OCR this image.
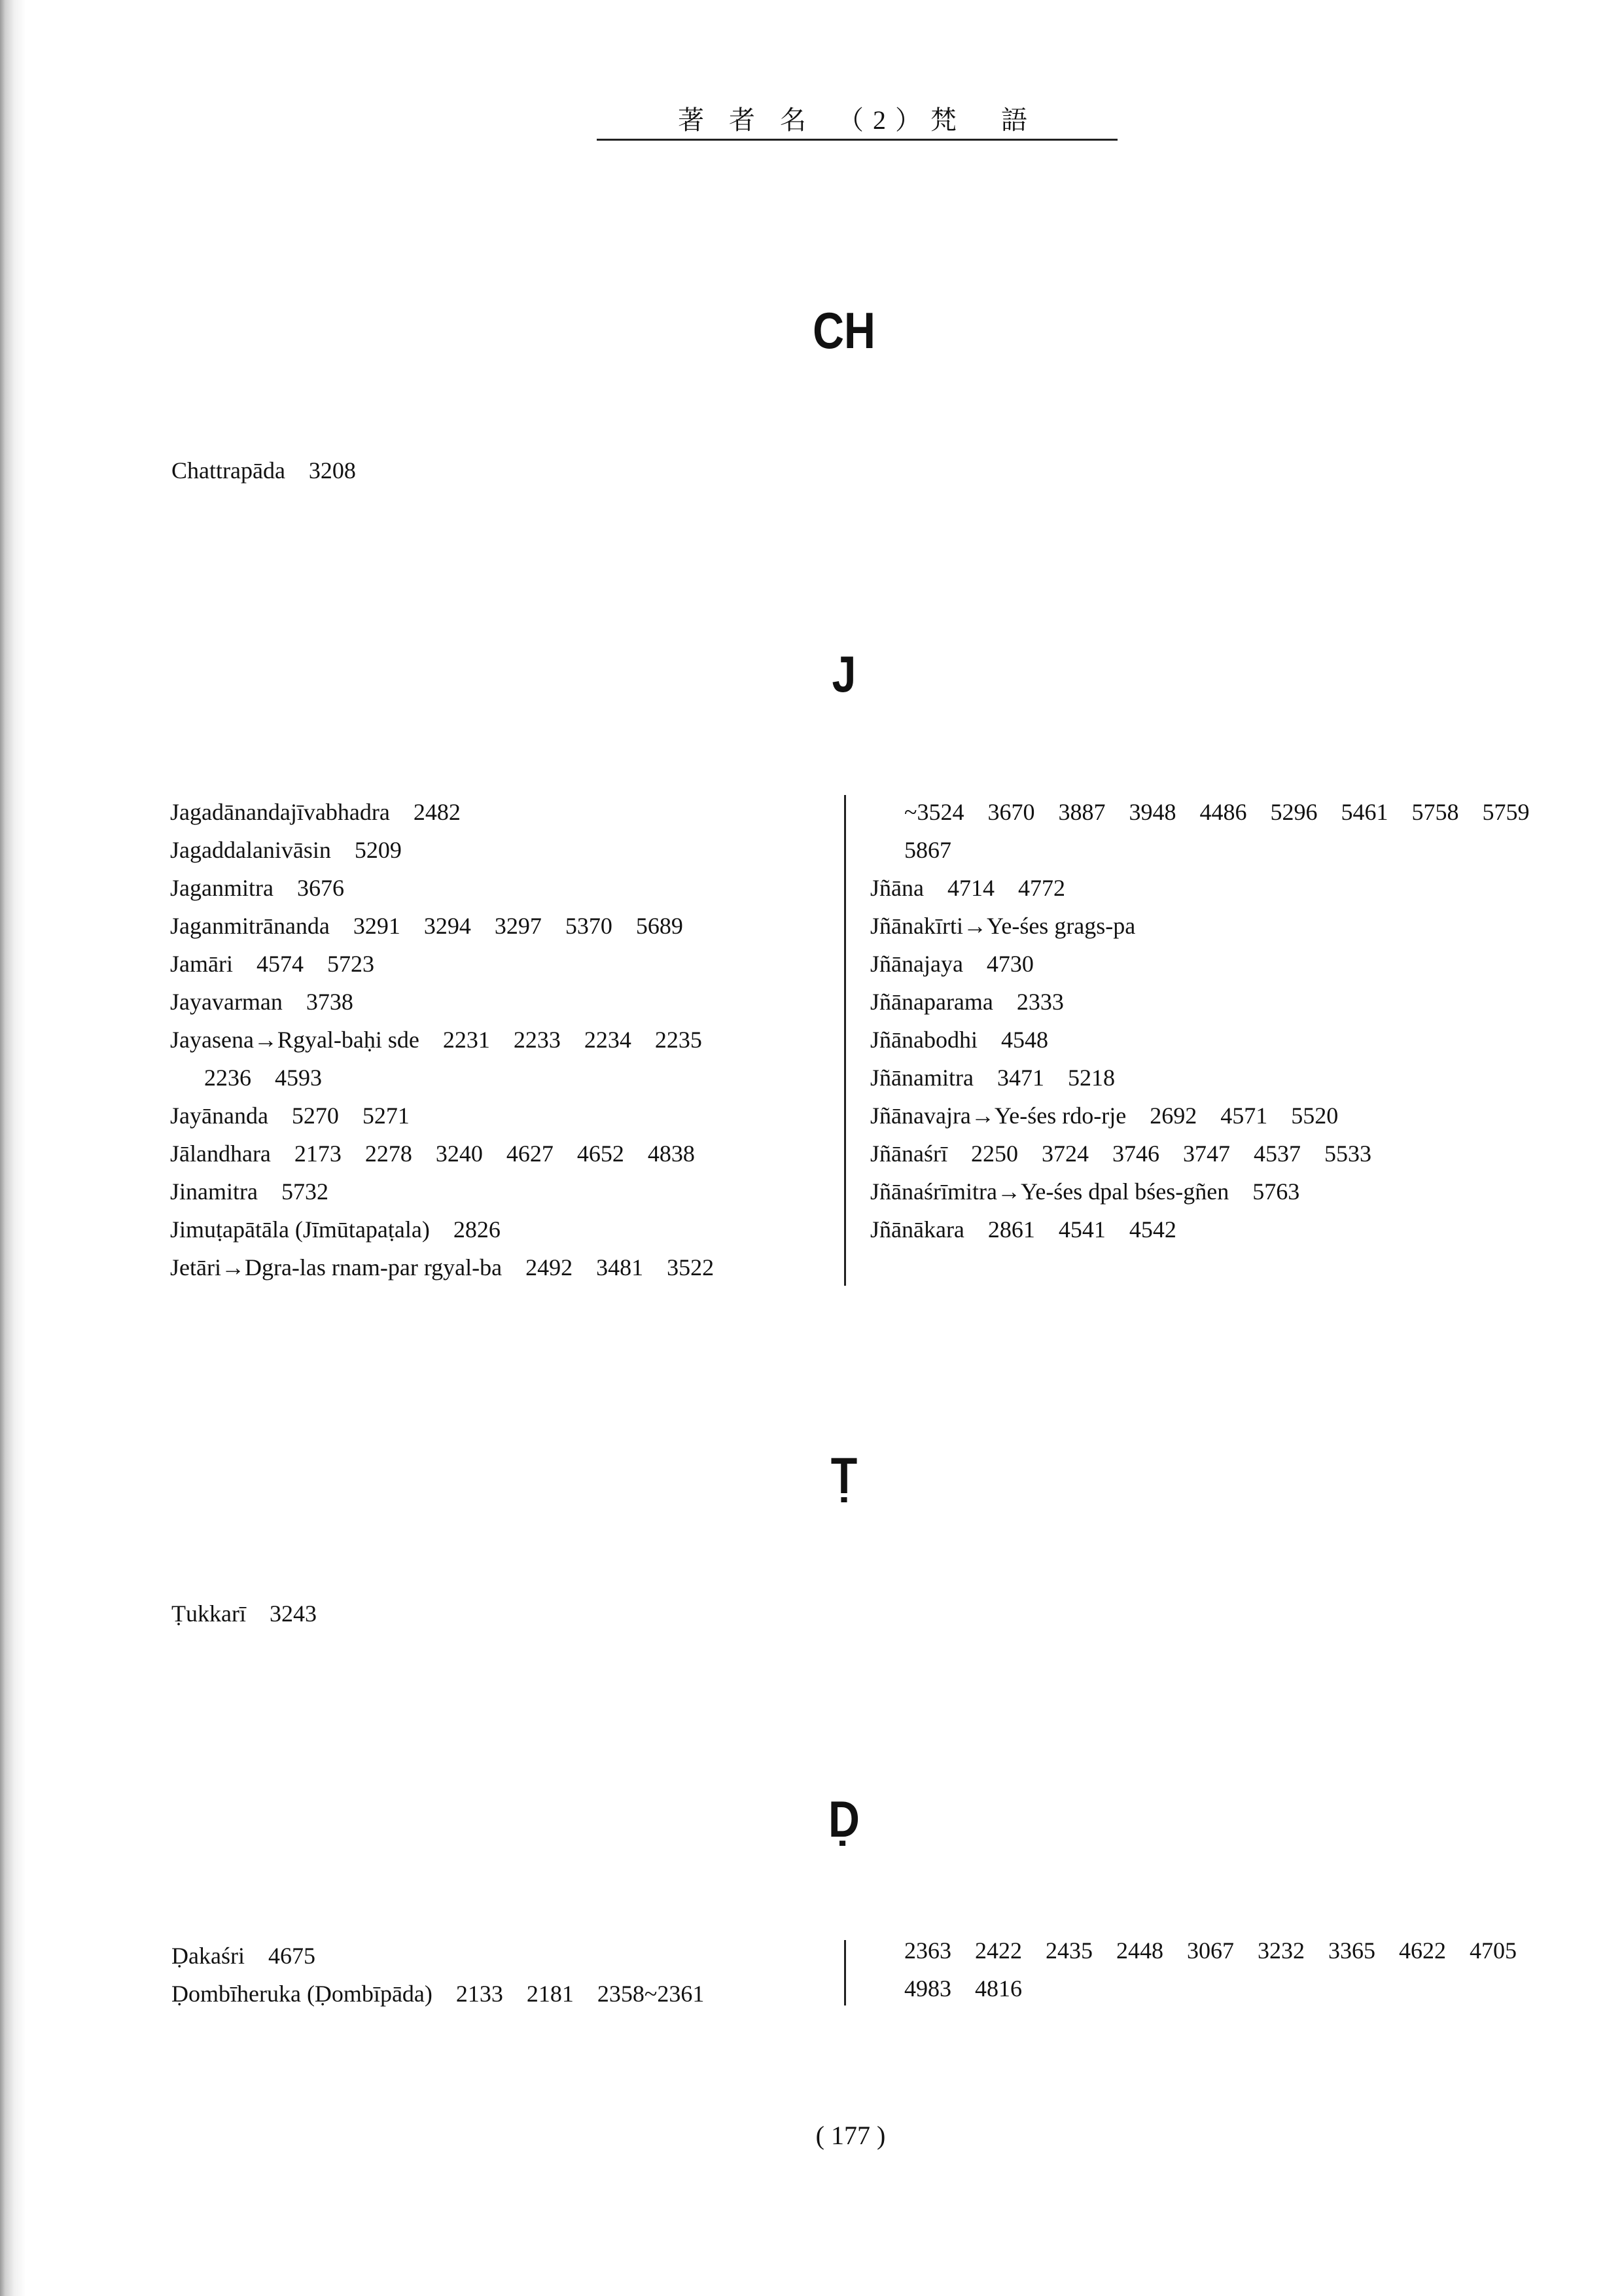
著 者 名　（2）梵　語
CH
Chattrapāda　3208
J
Jagadānandajīvabhadra　2482
Jagaddalanivāsin　5209
Jaganmitra　3676
Jaganmitrānanda　3291　3294　3297　5370　5689
Jamāri　4574　5723
Jayavarman　3738
Jayasena→Rgyal-baḥi sde　2231　2233　2234　2235
2236　4593
Jayānanda　5270　5271
Jālandhara　2173　2278　3240　4627　4652　4838
Jinamitra　5732
Jimuṭapātāla (Jīmūtapaṭala)　2826
Jetāri→Dgra-las rnam-par rgyal-ba　2492　3481　3522
~3524　3670　3887　3948　4486　5296　5461　5758　5759
5867
Jñāna　4714　4772
Jñānakīrti→Ye-śes grags-pa
Jñānajaya　4730
Jñānaparama　2333
Jñānabodhi　4548
Jñānamitra　3471　5218
Jñānavajra→Ye-śes rdo-rje　2692　4571　5520
Jñānaśrī　2250　3724　3746　3747　4537　5533
Jñānaśrīmitra→Ye-śes dpal bśes-gñen　5763
Jñānākara　2861　4541　4542
Ṭ
Ṭukkarī　3243
Ḍ
Ḍakaśri　4675
Ḍombīheruka (Ḍombīpāda)　2133　2181　2358~2361
2363　2422　2435　2448　3067　3232　3365　4622　4705
4983　4816
( 177 )
